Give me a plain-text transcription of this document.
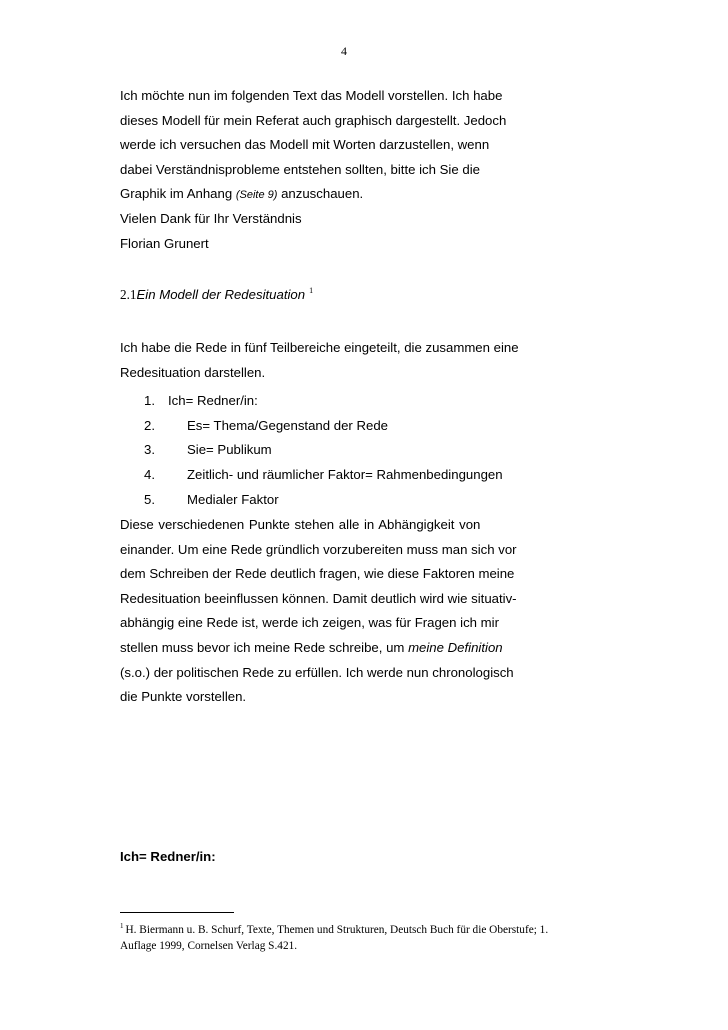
4
Ich möchte nun im folgenden Text das Modell vorstellen. Ich habe
dieses Modell für mein Referat auch graphisch dargestellt. Jedoch
werde ich versuchen das Modell mit Worten darzustellen, wenn
dabei Verständnisprobleme entstehen sollten, bitte ich Sie die
Graphik im Anhang (Seite 9) anzuschauen.
Vielen Dank für Ihr Verständnis
Florian Grunert
2.1Ein Modell der Redesituation $^1$
Ich habe die Rede in fünf Teilbereiche eingeteilt, die zusammen eine
Redesituation darstellen.
1. Ich= Redner/in:
2. Es= Thema/Gegenstand der Rede
3. Sie= Publikum
4. Zeitlich- und räumlicher Faktor= Rahmenbedingungen
5. Medialer Faktor
Diese verschiedenen Punkte stehen alle in Abhängigkeit von
einander. Um eine Rede gründlich vorzubereiten muss man sich vor
dem Schreiben der Rede deutlich fragen, wie diese Faktoren meine
Redesituation beeinflussen können. Damit deutlich wird wie situativ-
abhängig eine Rede ist, werde ich zeigen, was für Fragen ich mir
stellen muss bevor ich meine Rede schreibe, um meine Definition
(s.o.) der politischen Rede zu erfüllen. Ich werde nun chronologisch
die Punkte vorstellen.
Ich= Redner/in:

$^1$ H. Biermann u. B. Schurf, Texte, Themen und Strukturen, Deutsch Buch für die Oberstufe; 1. Auflage 1999, Cornelsen Verlag S.421.
